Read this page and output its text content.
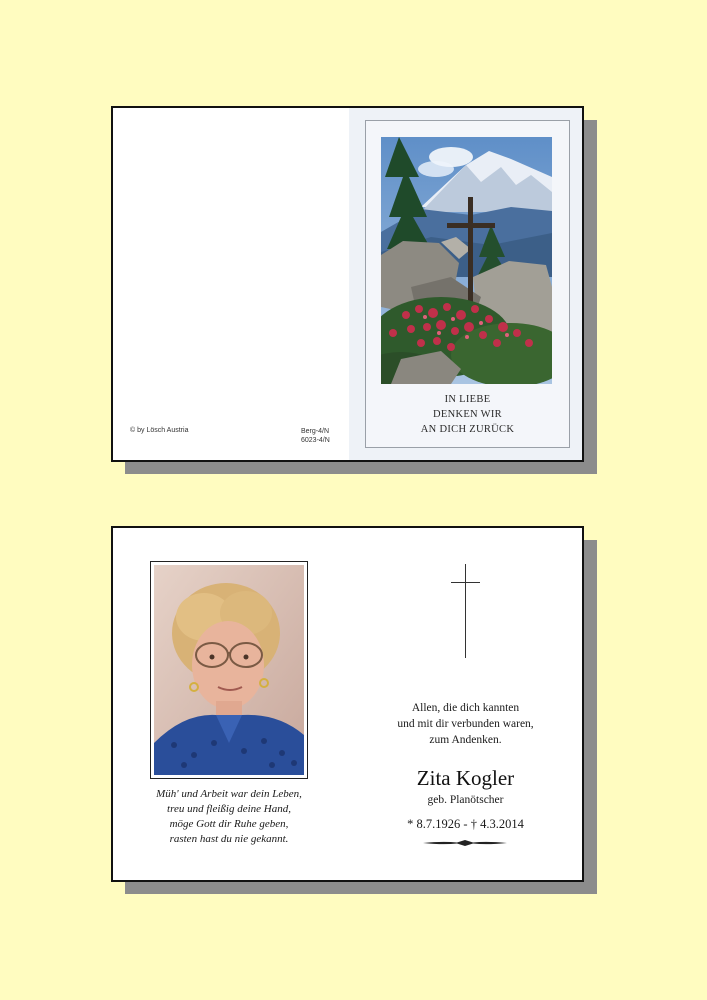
© by Lösch Austria	Berg-4/N
6023-4/N
IN LIEBE
DENKEN WIR
AN DICH ZURÜCK
Müh' und Arbeit war dein Leben,
treu und fleißig deine Hand,
möge Gott dir Ruhe geben,
rasten hast du nie gekannt.
Allen, die dich kannten
und mit dir verbunden waren,
zum Andenken.
Zita Kogler
geb. Planötscher
* 8.7.1926 - † 4.3.2014
